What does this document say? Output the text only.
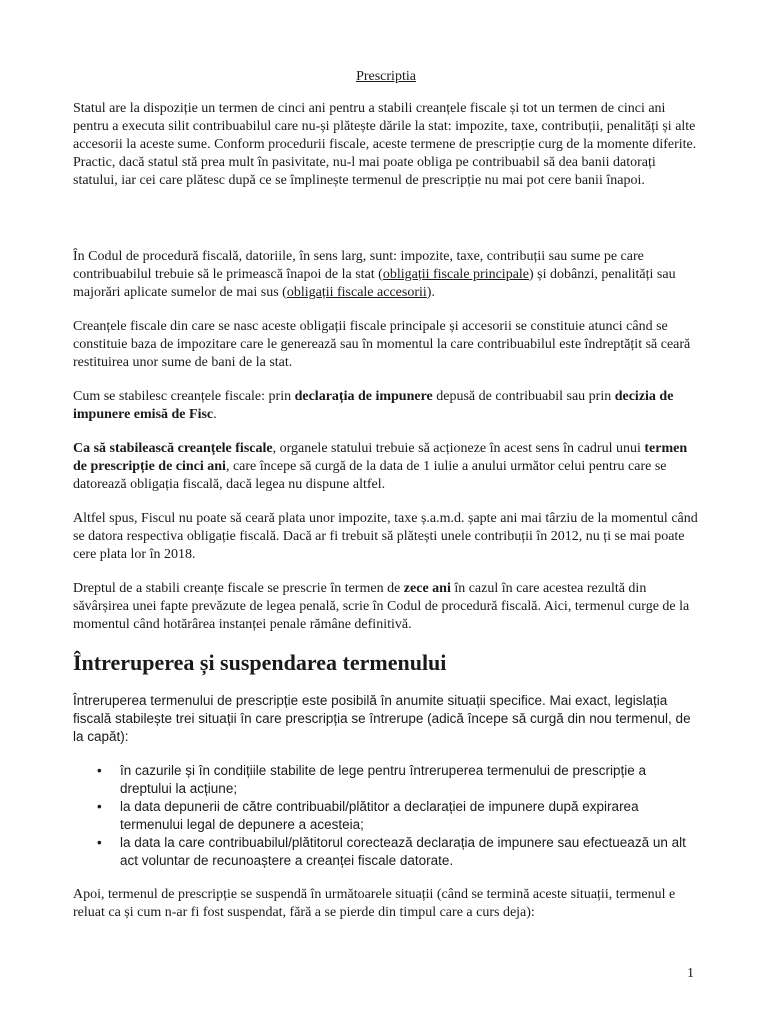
Prescriptia

Statul are la dispoziție un termen de cinci ani pentru a stabili creanțele fiscale și tot un termen de cinci ani pentru a executa silit contribuabilul care nu-și plătește dările la stat: impozite, taxe, contribuții, penalități și alte accesorii la aceste sume. Conform procedurii fiscale, aceste termene de prescripție curg de la momente diferite. Practic, dacă statul stă prea mult în pasivitate, nu-l mai poate obliga pe contribuabil să dea banii datorați statului, iar cei care plătesc după ce se împlinește termenul de prescripție nu mai pot cere banii înapoi.

În Codul de procedură fiscală, datoriile, în sens larg, sunt: impozite, taxe, contribuții sau sume pe care contribuabilul trebuie să le primească înapoi de la stat (obligații fiscale principale) și dobânzi, penalități sau majorări aplicate sumelor de mai sus (obligații fiscale accesorii).

Creanțele fiscale din care se nasc aceste obligații fiscale principale și accesorii se constituie atunci când se constituie baza de impozitare care le generează sau în momentul la care contribuabilul este îndreptățit să ceară restituirea unor sume de bani de la stat.

Cum se stabilesc creanțele fiscale: prin declarația de impunere depusă de contribuabil sau prin decizia de impunere emisă de Fisc.

Ca să stabilească creanțele fiscale, organele statului trebuie să acționeze în acest sens în cadrul unui termen de prescripție de cinci ani, care începe să curgă de la data de 1 iulie a anului următor celui pentru care se datorează obligația fiscală, dacă legea nu dispune altfel.

Altfel spus, Fiscul nu poate să ceară plata unor impozite, taxe ș.a.m.d. șapte ani mai târziu de la momentul când se datora respectiva obligație fiscală. Dacă ar fi trebuit să plătești unele contribuții în 2012, nu ți se mai poate cere plata lor în 2018.

Dreptul de a stabili creanțe fiscale se prescrie în termen de zece ani în cazul în care acestea rezultă din săvârșirea unei fapte prevăzute de legea penală, scrie în Codul de procedură fiscală. Aici, termenul curge de la momentul când hotărârea instanței penale rămâne definitivă.

Întreruperea și suspendarea termenului

Întreruperea termenului de prescripție este posibilă în anumite situații specifice. Mai exact, legislația fiscală stabilește trei situații în care prescripția se întrerupe (adică începe să curgă din nou termenul, de la capăt):

• în cazurile și în condițiile stabilite de lege pentru întreruperea termenului de prescripție a dreptului la acțiune;
• la data depunerii de către contribuabil/plătitor a declarației de impunere după expirarea termenului legal de depunere a acesteia;
• la data la care contribuabilul/plătitorul corectează declarația de impunere sau efectuează un alt act voluntar de recunoaștere a creanței fiscale datorate.

Apoi, termenul de prescripție se suspendă în următoarele situații (când se termină aceste situații, termenul e reluat ca și cum n-ar fi fost suspendat, fără a se pierde din timpul care a curs deja):

1
